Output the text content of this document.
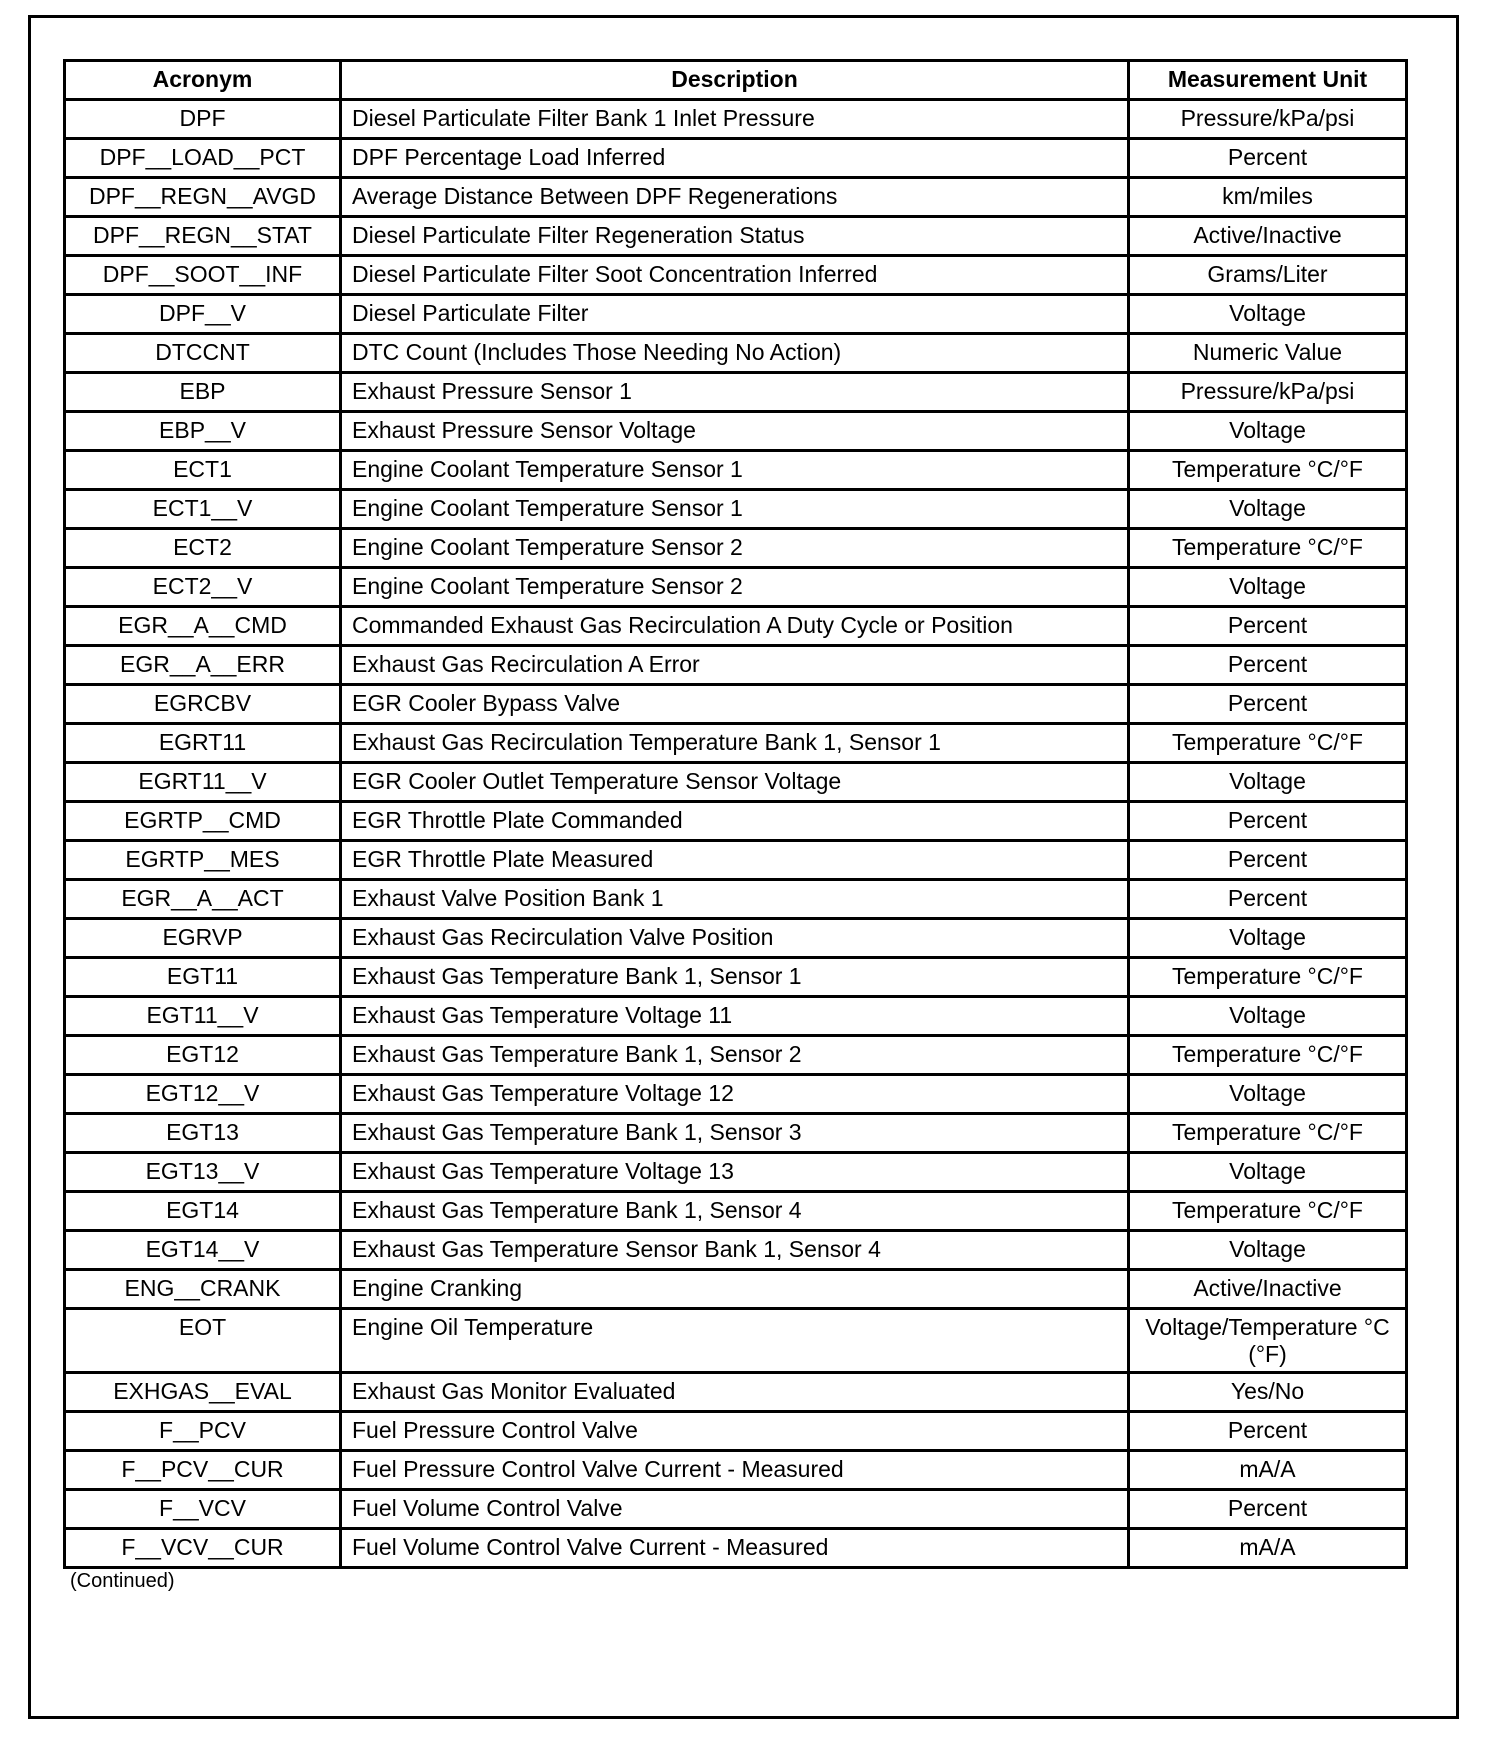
Acronym	Description	Measurement Unit
DPF	Diesel Particulate Filter Bank 1 Inlet Pressure	Pressure/kPa/psi
DPF__LOAD__PCT	DPF Percentage Load Inferred	Percent
DPF__REGN__AVGD	Average Distance Between DPF Regenerations	km/miles
DPF__REGN__STAT	Diesel Particulate Filter Regeneration Status	Active/Inactive
DPF__SOOT__INF	Diesel Particulate Filter Soot Concentration Inferred	Grams/Liter
DPF__V	Diesel Particulate Filter	Voltage
DTCCNT	DTC Count (Includes Those Needing No Action)	Numeric Value
EBP	Exhaust Pressure Sensor 1	Pressure/kPa/psi
EBP__V	Exhaust Pressure Sensor Voltage	Voltage
ECT1	Engine Coolant Temperature Sensor 1	Temperature °C/°F
ECT1__V	Engine Coolant Temperature Sensor 1	Voltage
ECT2	Engine Coolant Temperature Sensor 2	Temperature °C/°F
ECT2__V	Engine Coolant Temperature Sensor 2	Voltage
EGR__A__CMD	Commanded Exhaust Gas Recirculation A Duty Cycle or Position	Percent
EGR__A__ERR	Exhaust Gas Recirculation A Error	Percent
EGRCBV	EGR Cooler Bypass Valve	Percent
EGRT11	Exhaust Gas Recirculation Temperature Bank 1, Sensor 1	Temperature °C/°F
EGRT11__V	EGR Cooler Outlet Temperature Sensor Voltage	Voltage
EGRTP__CMD	EGR Throttle Plate Commanded	Percent
EGRTP__MES	EGR Throttle Plate Measured	Percent
EGR__A__ACT	Exhaust Valve Position Bank 1	Percent
EGRVP	Exhaust Gas Recirculation Valve Position	Voltage
EGT11	Exhaust Gas Temperature Bank 1, Sensor 1	Temperature °C/°F
EGT11__V	Exhaust Gas Temperature Voltage 11	Voltage
EGT12	Exhaust Gas Temperature Bank 1, Sensor 2	Temperature °C/°F
EGT12__V	Exhaust Gas Temperature Voltage 12	Voltage
EGT13	Exhaust Gas Temperature Bank 1, Sensor 3	Temperature °C/°F
EGT13__V	Exhaust Gas Temperature Voltage 13	Voltage
EGT14	Exhaust Gas Temperature Bank 1, Sensor 4	Temperature °C/°F
EGT14__V	Exhaust Gas Temperature Sensor Bank 1, Sensor 4	Voltage
ENG__CRANK	Engine Cranking	Active/Inactive
EOT	Engine Oil Temperature	Voltage/Temperature °C (°F)
EXHGAS__EVAL	Exhaust Gas Monitor Evaluated	Yes/No
F__PCV	Fuel Pressure Control Valve	Percent
F__PCV__CUR	Fuel Pressure Control Valve Current - Measured	mA/A
F__VCV	Fuel Volume Control Valve	Percent
F__VCV__CUR	Fuel Volume Control Valve Current - Measured	mA/A
(Continued)
